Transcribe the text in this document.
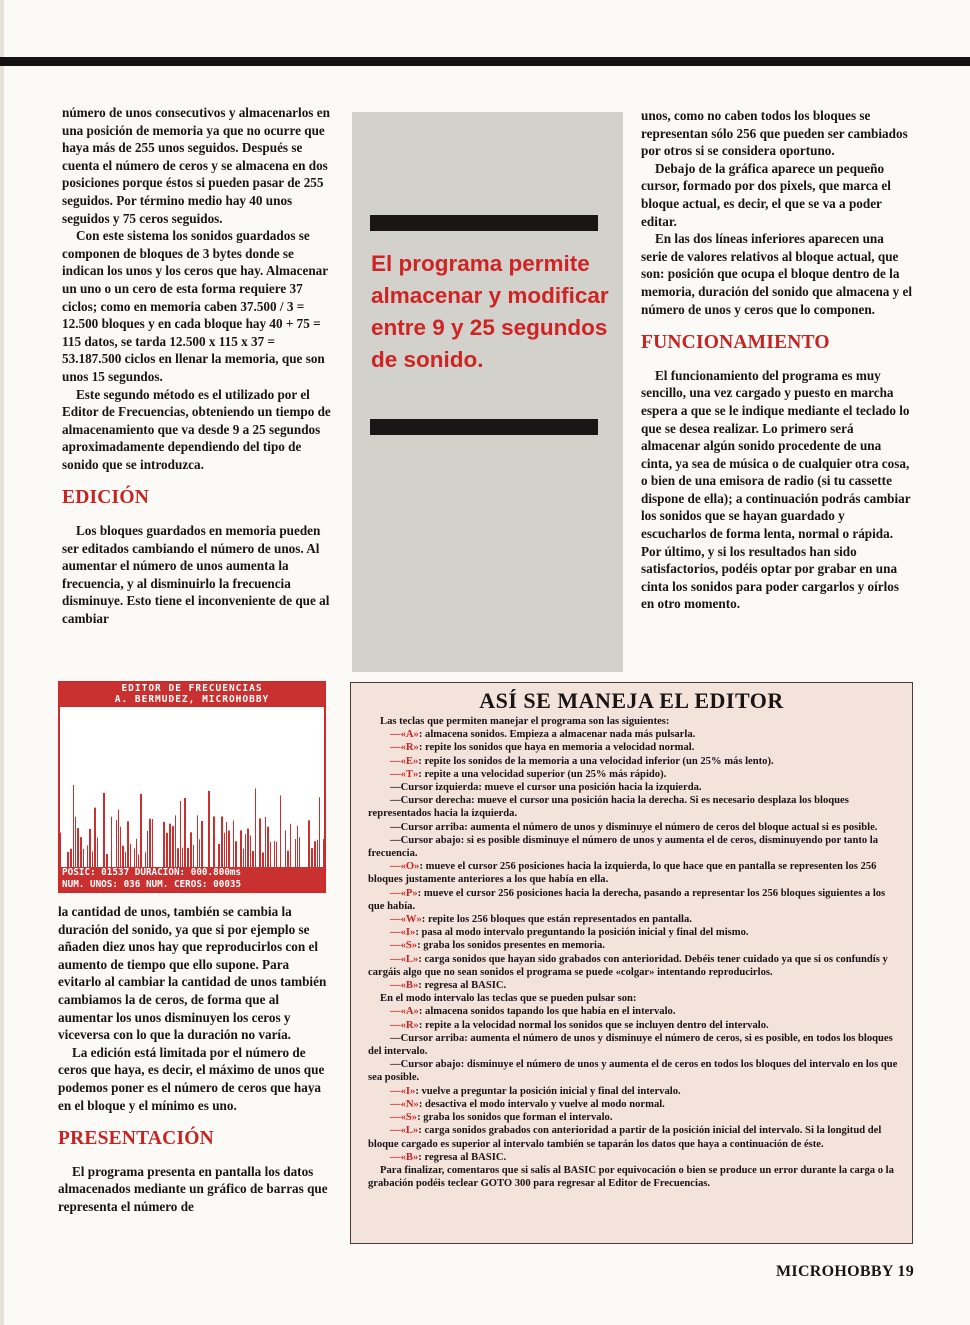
número de unos consecutivos y almacenarlos en una posición de memoria ya que no ocurre que haya más de 255 unos seguidos. Después se cuenta el número de ceros y se almacena en dos posiciones porque éstos si pueden pasar de 255 seguidos. Por término medio hay 40 unos seguidos y 75 ceros seguidos.

Con este sistema los sonidos guardados se componen de bloques de 3 bytes donde se indican los unos y los ceros que hay. Almacenar un uno o un cero de esta forma requiere 37 ciclos; como en memoria caben 37.500 / 3 = 12.500 bloques y en cada bloque hay 40 + 75 = 115 datos, se tarda 12.500 x 115 x 37 = 53.187.500 ciclos en llenar la memoria, que son unos 15 segundos.

Este segundo método es el utilizado por el Editor de Frecuencias, obteniendo un tiempo de almacenamiento que va desde 9 a 25 segundos aproximadamente dependiendo del tipo de sonido que se introduzca.

EDICIÓN

Los bloques guardados en memoria pueden ser editados cambiando el número de unos. Al aumentar el número de unos aumenta la frecuencia, y al disminuirlo la frecuencia disminuye. Esto tiene el inconveniente de que al cambiar

El programa permite almacenar y modificar entre 9 y 25 segundos de sonido.

unos, como no caben todos los bloques se representan sólo 256 que pueden ser cambiados por otros si se considera oportuno.

Debajo de la gráfica aparece un pequeño cursor, formado por dos pixels, que marca el bloque actual, es decir, el que se va a poder editar.

En las dos líneas inferiores aparecen una serie de valores relativos al bloque actual, que son: posición que ocupa el bloque dentro de la memoria, duración del sonido que almacena y el número de unos y ceros que lo componen.

FUNCIONAMIENTO

El funcionamiento del programa es muy sencillo, una vez cargado y puesto en marcha espera a que se le indique mediante el teclado lo que se desea realizar. Lo primero será almacenar algún sonido procedente de una cinta, ya sea de música o de cualquier otra cosa, o bien de una emisora de radio (si tu cassette dispone de ella); a continuación podrás cambiar los sonidos que se hayan guardado y escucharlos de forma lenta, normal o rápida. Por último, y si los resultados han sido satisfactorios, podéis optar por grabar en una cinta los sonidos para poder cargarlos y oírlos en otro momento.

EDITOR DE FRECUENCIAS
A. BERMUDEZ, MICROHOBBY
POSIC: 01537 DURACION: 000.800ms
NUM. UNOS: 036 NUM. CEROS: 00035

la cantidad de unos, también se cambia la duración del sonido, ya que si por ejemplo se añaden diez unos hay que reproducirlos con el aumento de tiempo que ello supone. Para evitarlo al cambiar la cantidad de unos también cambiamos la de ceros, de forma que al aumentar los unos disminuyen los ceros y viceversa con lo que la duración no varía.

La edición está limitada por el número de ceros que haya, es decir, el máximo de unos que podemos poner es el número de ceros que haya en el bloque y el mínimo es uno.

PRESENTACIÓN

El programa presenta en pantalla los datos almacenados mediante un gráfico de barras que representa el número de

ASÍ SE MANEJA EL EDITOR
Las teclas que permiten manejar el programa son las siguientes:
—«A»: almacena sonidos. Empieza a almacenar nada más pulsarla.
—«R»: repite los sonidos que haya en memoria a velocidad normal.
—«E»: repite los sonidos de la memoria a una velocidad inferior (un 25% más lento).
—«T»: repite a una velocidad superior (un 25% más rápido).
—Cursor izquierda: mueve el cursor una posición hacia la izquierda.
—Cursor derecha: mueve el cursor una posición hacia la derecha. Si es necesario desplaza los bloques representados hacia la izquierda.
—Cursor arriba: aumenta el número de unos y disminuye el número de ceros del bloque actual si es posible.
—Cursor abajo: si es posible disminuye el número de unos y aumenta el de ceros, disminuyendo por tanto la frecuencia.
—«O»: mueve el cursor 256 posiciones hacia la izquierda, lo que hace que en pantalla se representen los 256 bloques justamente anteriores a los que había en ella.
—«P»: mueve el cursor 256 posiciones hacia la derecha, pasando a representar los 256 bloques siguientes a los que había.
—«W»: repite los 256 bloques que están representados en pantalla.
—«I»: pasa al modo intervalo preguntando la posición inicial y final del mismo.
—«S»: graba los sonidos presentes en memoria.
—«L»: carga sonidos que hayan sido grabados con anterioridad. Debéis tener cuidado ya que si os confundís y cargáis algo que no sean sonidos el programa se puede «colgar» intentando reproducirlos.
—«B»: regresa al BASIC.
En el modo intervalo las teclas que se pueden pulsar son:
—«A»: almacena sonidos tapando los que había en el intervalo.
—«R»: repite a la velocidad normal los sonidos que se incluyen dentro del intervalo.
—Cursor arriba: aumenta el número de unos y disminuye el número de ceros, si es posible, en todos los bloques del intervalo.
—Cursor abajo: disminuye el número de unos y aumenta el de ceros en todos los bloques del intervalo en los que sea posible.
—«I»: vuelve a preguntar la posición inicial y final del intervalo.
—«N»: desactiva el modo intervalo y vuelve al modo normal.
—«S»: graba los sonidos que forman el intervalo.
—«L»: carga sonidos grabados con anterioridad a partir de la posición inicial del intervalo. Si la longitud del bloque cargado es superior al intervalo también se taparán los datos que haya a continuación de éste.
—«B»: regresa al BASIC.
Para finalizar, comentaros que si salís al BASIC por equivocación o bien se produce un error durante la carga o la grabación podéis teclear GOTO 300 para regresar al Editor de Frecuencias.
MICROHOBBY 19
